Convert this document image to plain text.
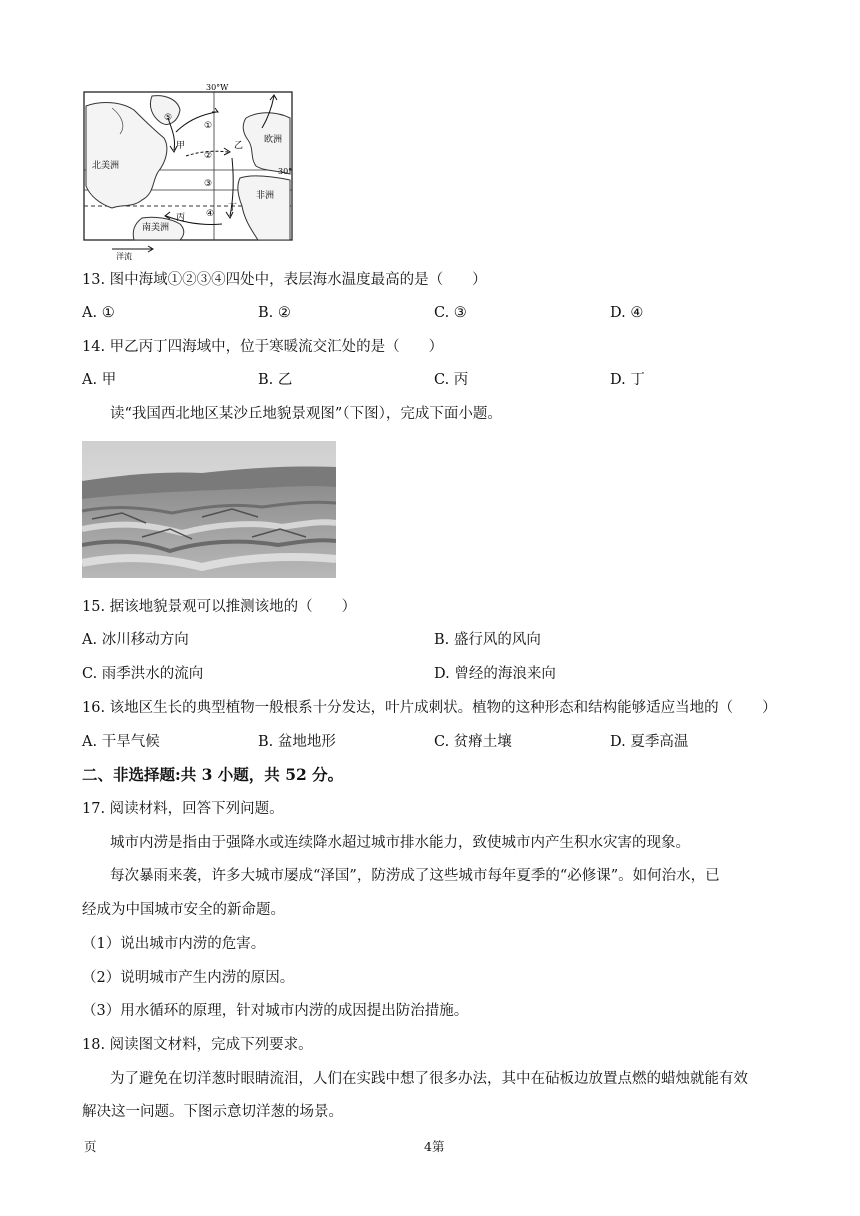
30°W
30°
北美洲
欧洲
非洲
南美洲
甲	乙
丙
丁
①
②
③
④
⑤
洋流
13. 图中海域①②③④四处中，表层海水温度最高的是（　　）
A. ①	B. ②	C. ③	D. ④
14. 甲乙丙丁四海域中，位于寒暖流交汇处的是（　　）
A. 甲	B. 乙	C. 丙	D. 丁
读“我国西北地区某沙丘地貌景观图”（下图），完成下面小题。
15. 据该地貌景观可以推测该地的（　　）
A. 冰川移动方向	B. 盛行风的风向
C. 雨季洪水的流向	D. 曾经的海浪来向
16. 该地区生长的典型植物一般根系十分发达，叶片成刺状。植物的这种形态和结构能够适应当地的（　　）
A. 干旱气候	B. 盆地地形	C. 贫瘠土壤	D. 夏季高温
二、非选择题:共 3 小题，共 52 分。
17. 阅读材料，回答下列问题。
城市内涝是指由于强降水或连续降水超过城市排水能力，致使城市内产生积水灾害的现象。
每次暴雨来袭，许多大城市屡成“泽国”，防涝成了这些城市每年夏季的“必修课”。如何治水，已
经成为中国城市安全的新命题。
（1）说出城市内涝的危害。
（2）说明城市产生内涝的原因。
（3）用水循环的原理，针对城市内涝的成因提出防治措施。
18. 阅读图文材料，完成下列要求。
为了避免在切洋葱时眼睛流泪，人们在实践中想了很多办法，其中在砧板边放置点燃的蜡烛就能有效
解决这一问题。下图示意切洋葱的场景。
页	4第
